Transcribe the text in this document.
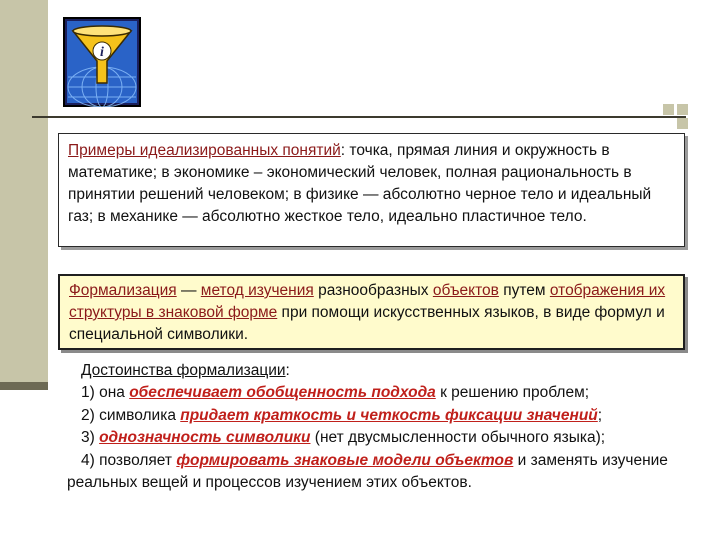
i
Примеры идеализированных понятий: точка, прямая линия и окружность в математике; в экономике – экономический человек, полная рациональность в принятии решений человеком; в физике — абсолютно черное тело и идеальный газ; в механике — абсолютно жесткое тело, идеально пластичное тело.
Формализация — метод изучения разнообразных объектов путем отображения их структуры в знаковой форме при помощи искусственных языков, в виде формул и специальной символики.
Достоинства формализации:
1) она обеспечивает обобщенность подхода к решению проблем;
2) символика придает краткость и четкость фиксации значений;
3) однозначность символики (нет двусмысленности обычного языка);
4) позволяет формировать знаковые модели объектов и заменять изучение реальных вещей и процессов изучением этих объектов.
